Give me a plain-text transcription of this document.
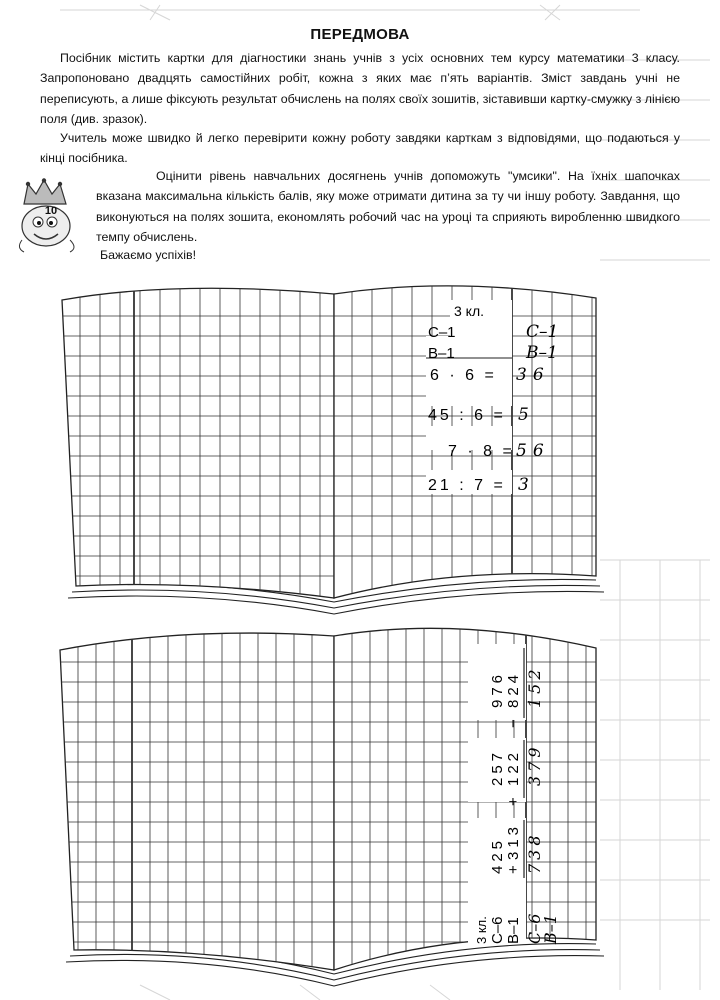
ПЕРЕДМОВА
Посібник містить картки для діагностики знань учнів з усіх основних тем курсу математики 3 класу. Запропоновано двадцять самостійних робіт, кожна з яких має п’ять варіантів. Зміст завдань учні не переписують, а лише фіксують результат обчислень на полях своїх зошитів, зіставивши картку-смужку з лінією поля (див. зразок).
Учитель може швидко й легко перевірити кожну роботу завдяки карткам з відповідями, що подаються у кінці посібника.
Оцінити рівень навчальних досягнень учнів допоможуть "умсики". На їхніх шапочках вказана максимальна кількість балів, яку може отримати дитина за ту чи іншу роботу. Завдання, що виконуються на полях зошита, економлять робочий час на уроці та сприяють виробленню швидкого темпу обчислень.
Бажаємо успіхів!
10
3 кл.
С–1
В–1
6 · 6 =
45 : 6 =
7 · 8 =
21 : 7 =
С–1
В–1
36
5
56
3
3 кл. С–6 В–1
425 +
313
257
+
122
976
−
824
С–6
В–1
738
379
152
